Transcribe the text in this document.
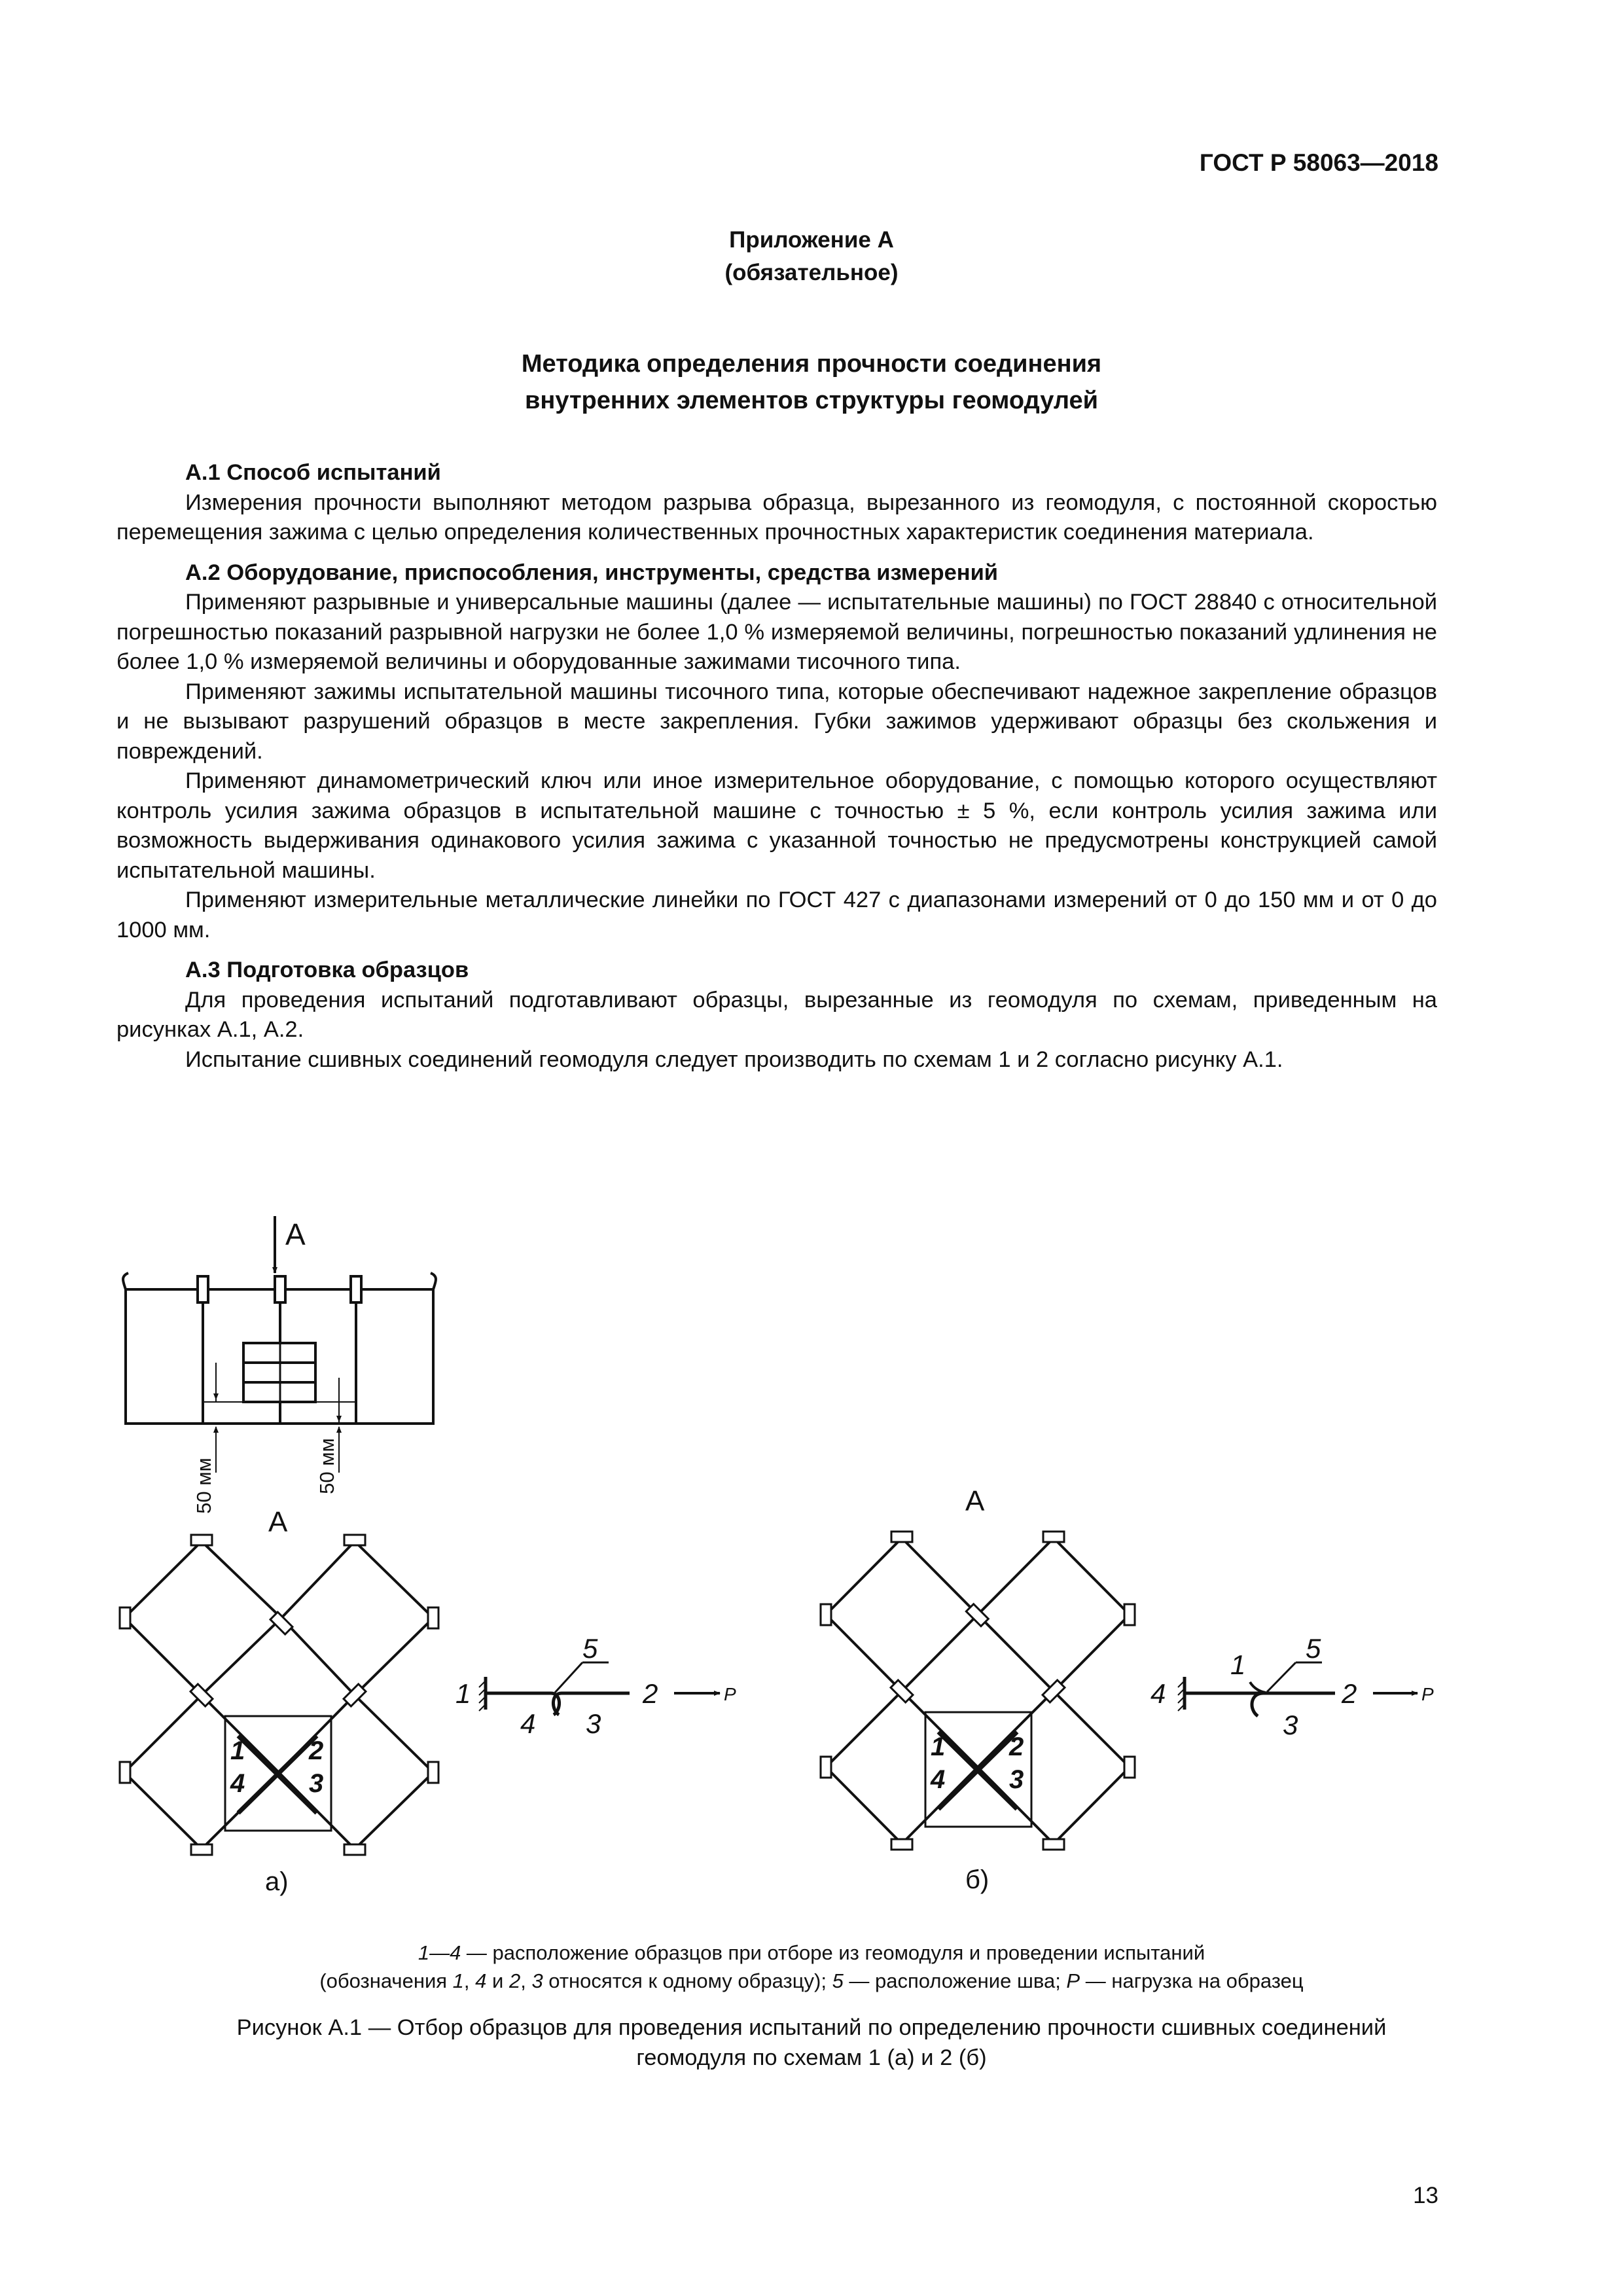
ГОСТ Р 58063—2018
Приложение А
(обязательное)
Методика определения прочности соединения
внутренних элементов структуры геомодулей
А.1 Способ испытаний

Измерения прочности выполняют методом разрыва образца, вырезанного из геомодуля, с постоянной скоростью перемещения зажима с целью определения количественных прочностных характеристик соединения материала.

А.2 Оборудование, приспособления, инструменты, средства измерений

Применяют разрывные и универсальные машины (далее — испытательные машины) по ГОСТ 28840 с относительной погрешностью показаний разрывной нагрузки не более 1,0 % измеряемой величины, погрешностью показаний удлинения не более 1,0 % измеряемой величины и оборудованные зажимами тисочного типа.

Применяют зажимы испытательной машины тисочного типа, которые обеспечивают надежное закрепление образцов и не вызывают разрушений образцов в месте закрепления. Губки зажимов удерживают образцы без скольжения и повреждений.

Применяют динамометрический ключ или иное измерительное оборудование, с помощью которого осуществляют контроль усилия зажима образцов в испытательной машине с точностью ± 5 %, если контроль усилия зажима или возможность выдерживания одинакового усилия зажима с указанной точностью не предусмотрены конструкцией самой испытательной машины.

Применяют измерительные металлические линейки по ГОСТ 427 с диапазонами измерений от 0 до 150 мм и от 0 до 1000 мм.

А.3 Подготовка образцов

Для проведения испытаний подготавливают образцы, вырезанные из геомодуля по схемам, приведенным на рисунках А.1, А.2.

Испытание сшивных соединений геомодуля следует производить по схемам 1 и 2 согласно рисунку А.1.

А
50 мм	50 мм
А
1 2
3
4
а)
5
1	2
4 3
P
А
1 2
3
4
б)
5
1
4	2
3
P
1—4 — расположение образцов при отборе из геомодуля и проведении испытаний
(обозначения 1, 4 и 2, 3 относятся к одному образцу); 5 — расположение шва; P — нагрузка на образец
Рисунок А.1 — Отбор образцов для проведения испытаний по определению прочности сшивных соединений
геомодуля по схемам 1 (а) и 2 (б)
13
